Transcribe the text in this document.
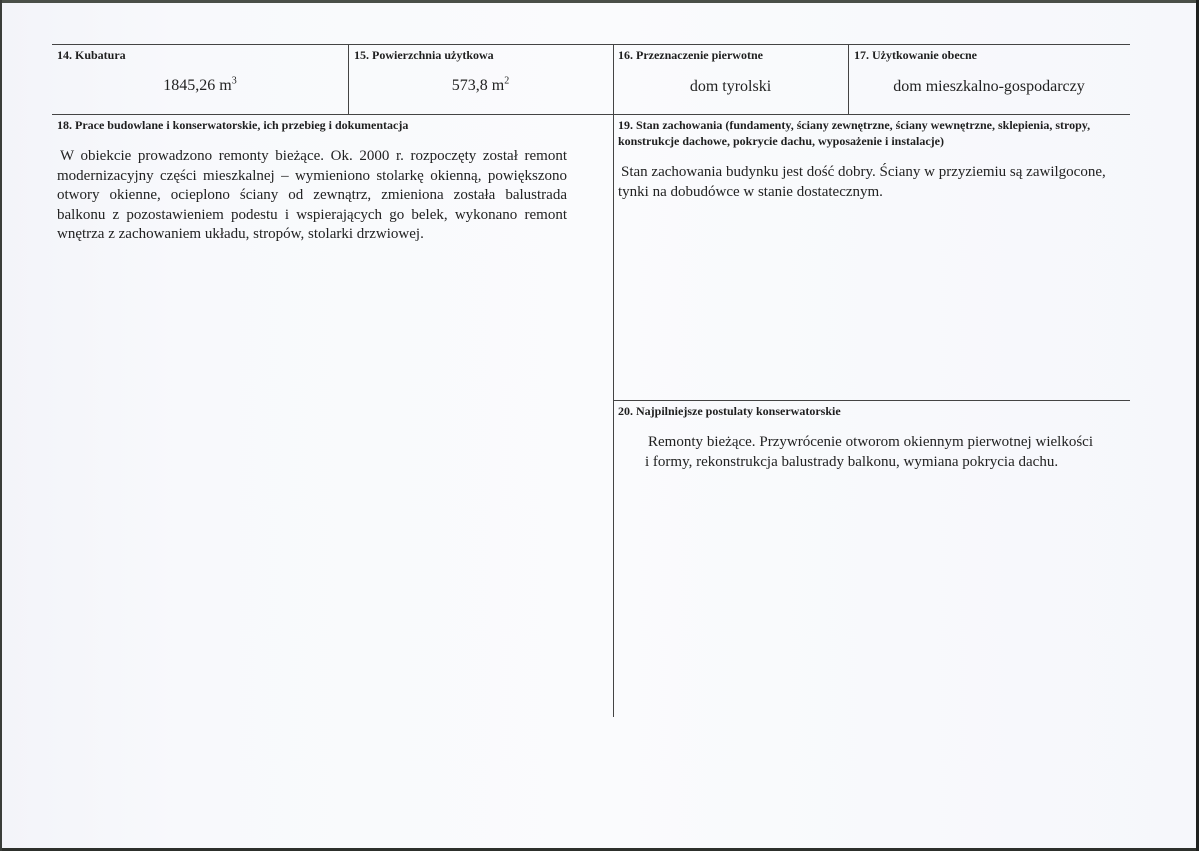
14. Kubatura
1845,26 $m^3$
15. Powierzchnia użytkowa
573,8 $m^2$
16. Przeznaczenie pierwotne
dom tyrolski
17. Użytkowanie obecne
dom mieszkalno-gospodarczy
18. Prace budowlane i konserwatorskie, ich przebieg i dokumentacja
W obiekcie prowadzono remonty bieżące. Ok. 2000 r. rozpoczęty został remont modernizacyjny części mieszkalnej – wymieniono stolarkę okienną, powiększono otwory okienne, ocieplono ściany od zewnątrz, zmieniona została balustrada balkonu z pozostawieniem podestu i wspierających go belek, wykonano remont wnętrza z zachowaniem układu, stropów, stolarki drzwiowej.
19. Stan zachowania (fundamenty, ściany zewnętrzne, ściany wewnętrzne, sklepienia, stropy, konstrukcje dachowe, pokrycie dachu, wyposażenie i instalacje)
Stan zachowania budynku jest dość dobry. Ściany w przyziemiu są zawilgocone, tynki na dobudówce w stanie dostatecznym.
20. Najpilniejsze postulaty konserwatorskie
Remonty bieżące. Przywrócenie otworom okiennym pierwotnej wielkości i formy, rekonstrukcja balustrady balkonu, wymiana pokrycia dachu.
